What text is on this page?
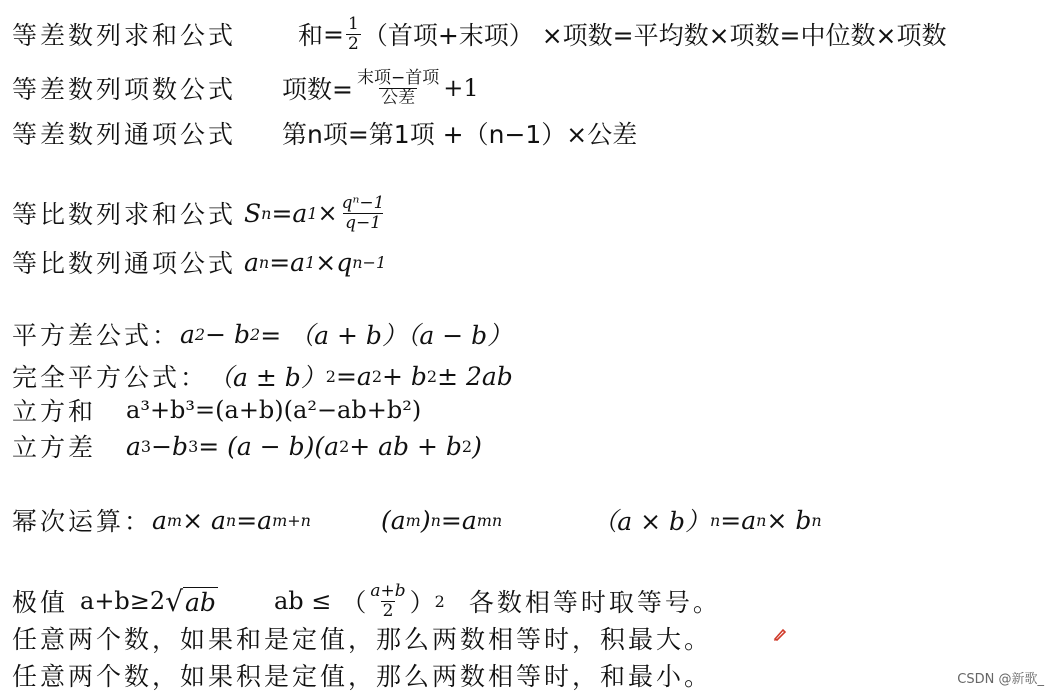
等差数列求和公式 和 = $\frac{1}{2}$ （首项+末项） ×项数=平均数×项数=中位数×项数
等差数列项数公式 项数= $\frac{\text{末项−首项}}{\text{公差}} +1$
等差数列通项公式 第n项=第1项 +（n−1）×公差
等比数列求和公式 S n =a $1 \times \frac{\text{qⁿ−1}}{q-1}$
等比数列通项公式 a n =a 1 ×q n−1
平方差公式： a 2 − b 2 = （a + b）（a − b）
完全平方公式： （a ± b） 2 =a 2 + b 2 ± 2ab
立方和 a³+b³=(a+b)(a²−ab+b²)
立方差 a 3 −b 3 = (a − b)(a 2 + ab + b 2 )
幂次运算： a m × a n =a m+n	(a m ) n =a mn	（a × b） n =a n × b n
极值 a+b≥2 √ab ab ≤ （ $\frac{a+b}{2}$ ） 2 各数相等时取等号。
任意两个数，如果和是定值，那么两数相等时，积最大。
任意两个数，如果积是定值，那么两数相等时，和最小。	CSDN @新歌_
